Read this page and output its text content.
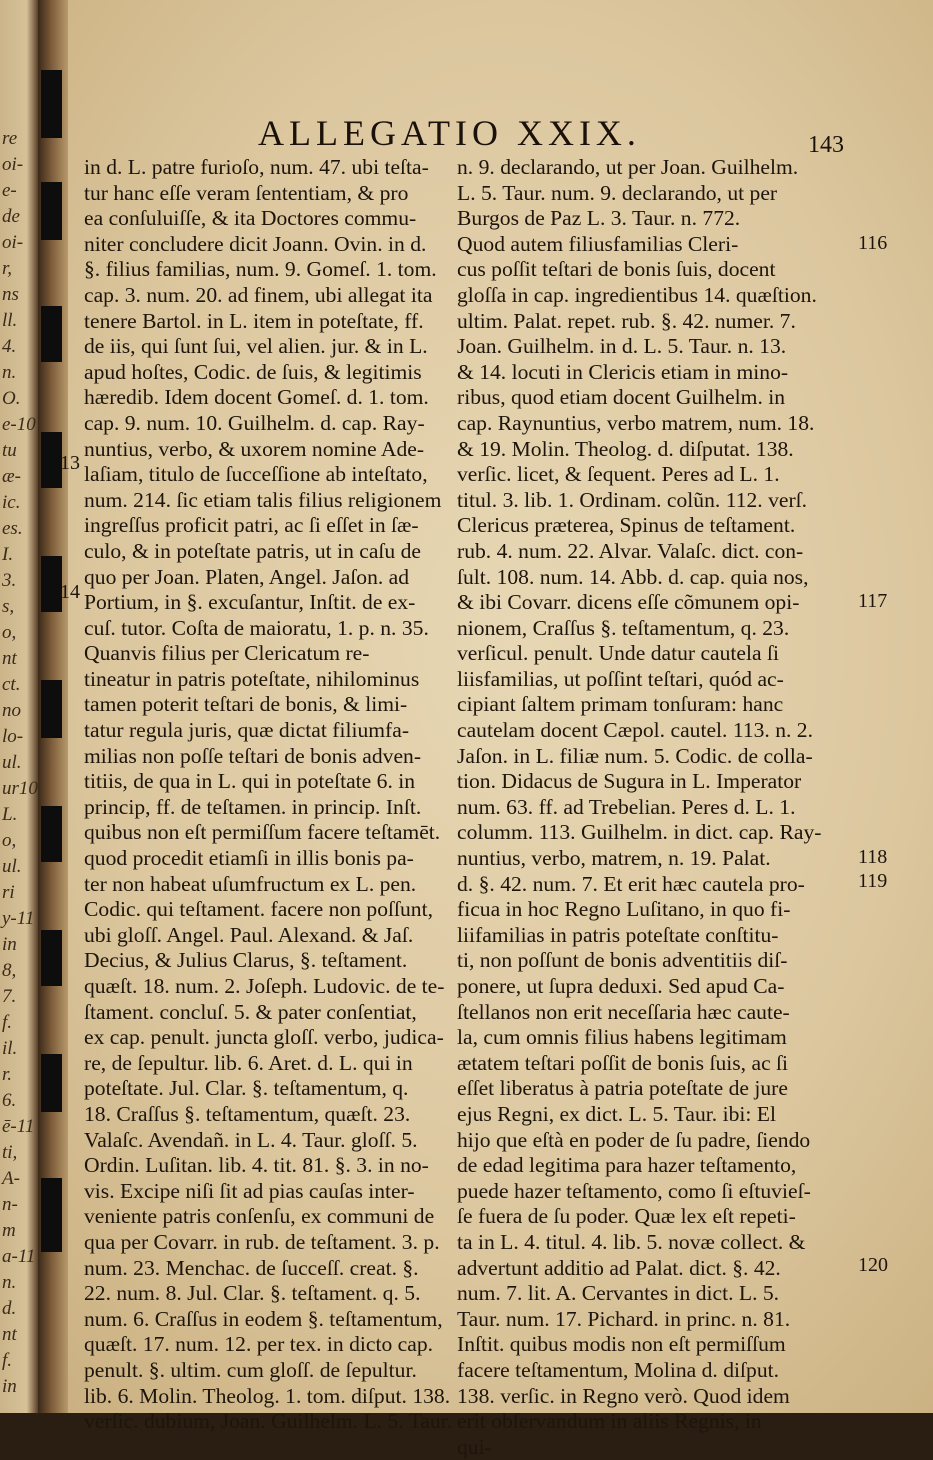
re
oi-
e-
de
oi-
r,
ns
ll.
4.
n.
O.
e-10
tu
æ-
ic.
es.
I.
3.
s,
o,
nt
ct.
no
lo-
ul.
ur10
L.
o,
ul.
ri
y-11
in
8,
7.
f.
il.
r.
6.
ē-11
ti,
A-
n-
m
a-11
n.
d.
nt
f.
in
ALLEGATIO XXIX.	143
in d. L. patre furioſo, num. 47. ubi teſta-
tur hanc eſſe veram ſententiam, & pro
ea conſuluiſſe, & ita Doctores commu-
niter concludere dicit Joann. Ovin. in d.
§. filius familias, num. 9. Gomeſ. 1. tom.
cap. 3. num. 20. ad finem, ubi allegat ita
tenere Bartol. in L. item in poteſtate, ff.
de iis, qui ſunt ſui, vel alien. jur. & in L.
apud hoſtes, Codic. de ſuis, & legitimis
hæredib. Idem docent Gomeſ. d. 1. tom.
cap. 9. num. 10. Guilhelm. d. cap. Ray-
nuntius, verbo, & uxorem nomine Ade-
laſiam, titulo de ſucceſſione ab inteſtato,
num. 214. ſic etiam talis filius religionem
ingreſſus proficit patri, ac ſi eſſet in ſæ-
culo, & in poteſtate patris, ut in caſu de
quo per Joan. Platen, Angel. Jaſon. ad
Portium, in §. excuſantur, Inſtit. de ex-
cuſ. tutor. Coſta de maioratu, 1. p. n. 35.
Quanvis filius per Clericatum re-
tineatur in patris poteſtate, nihilominus
tamen poterit teſtari de bonis, & limi-
tatur regula juris, quæ dictat filiumfa-
milias non poſſe teſtari de bonis adven-
titiis, de qua in L. qui in poteſtate 6. in
princip, ff. de teſtamen. in princip. Inſt.
quibus non eſt permiſſum facere teſtamēt.
quod procedit etiamſi in illis bonis pa-
ter non habeat uſumfructum ex L. pen.
Codic. qui teſtament. facere non poſſunt,
ubi gloſſ. Angel. Paul. Alexand. & Jaſ.
Decius, & Julius Clarus, §. teſtament.
quæſt. 18. num. 2. Joſeph. Ludovic. de te-
ſtament. concluſ. 5. & pater conſentiat,
ex cap. penult. juncta gloſſ. verbo, judica-
re, de ſepultur. lib. 6. Aret. d. L. qui in
poteſtate. Jul. Clar. §. teſtamentum, q.
18. Craſſus §. teſtamentum, quæſt. 23.
Valaſc. Avendañ. in L. 4. Taur. gloſſ. 5.
Ordin. Luſitan. lib. 4. tit. 81. §. 3. in no-
vis. Excipe niſi ſit ad pias cauſas inter-
veniente patris conſenſu, ex communi de
qua per Covarr. in rub. de teſtament. 3. p.
num. 23. Menchac. de ſucceſſ. creat. §.
22. num. 8. Jul. Clar. §. teſtament. q. 5.
num. 6. Craſſus in eodem §. teſtamentum,
quæſt. 17. num. 12. per tex. in dicto cap.
penult. §. ultim. cum gloſſ. de ſepultur.
lib. 6. Molin. Theolog. 1. tom. diſput. 138.
verſic. dubium, Joan. Guilhelm. L. 5. Taur.
n. 9. declarando, ut per Joan. Guilhelm.
L. 5. Taur. num. 9. declarando, ut per
Burgos de Paz L. 3. Taur. n. 772.
Quod autem filiusfamilias Cleri-
cus poſſit teſtari de bonis ſuis, docent
gloſſa in cap. ingredientibus 14. quæſtion.
ultim. Palat. repet. rub. §. 42. numer. 7.
Joan. Guilhelm. in d. L. 5. Taur. n. 13.
& 14. locuti in Clericis etiam in mino-
ribus, quod etiam docent Guilhelm. in
cap. Raynuntius, verbo matrem, num. 18.
& 19. Molin. Theolog. d. diſputat. 138.
verſic. licet, & ſequent. Peres ad L. 1.
titul. 3. lib. 1. Ordinam. colũn. 112. verſ.
Clericus præterea, Spinus de teſtament.
rub. 4. num. 22. Alvar. Valaſc. dict. con-
ſult. 108. num. 14. Abb. d. cap. quia nos,
& ibi Covarr. dicens eſſe cõmunem opi-
nionem, Craſſus §. teſtamentum, q. 23.
verſicul. penult. Unde datur cautela ſi
liisfamilias, ut poſſint teſtari, quód ac-
cipiant ſaltem primam tonſuram: hanc
cautelam docent Cæpol. cautel. 113. n. 2.
Jaſon. in L. filiæ num. 5. Codic. de colla-
tion. Didacus de Sugura in L. Imperator
num. 63. ff. ad Trebelian. Peres d. L. 1.
columm. 113. Guilhelm. in dict. cap. Ray-
nuntius, verbo, matrem, n. 19. Palat.
d. §. 42. num. 7. Et erit hæc cautela pro-
ficua in hoc Regno Luſitano, in quo fi-
liifamilias in patris poteſtate conſtitu-
ti, non poſſunt de bonis adventitiis diſ-
ponere, ut ſupra deduxi. Sed apud Ca-
ſtellanos non erit neceſſaria hæc caute-
la, cum omnis filius habens legitimam
ætatem teſtari poſſit de bonis ſuis, ac ſi
eſſet liberatus à patria poteſtate de jure
ejus Regni, ex dict. L. 5. Taur. ibi: El
hijo que eſtà en poder de ſu padre, ſiendo
de edad legitima para hazer teſtamento,
puede hazer teſtamento, como ſi eſtuvieſ-
ſe fuera de ſu poder. Quæ lex eſt repeti-
ta in L. 4. titul. 4. lib. 5. novæ collect. &
advertunt additio ad Palat. dict. §. 42.
num. 7. lit. A. Cervantes in dict. L. 5.
Taur. num. 17. Pichard. in princ. n. 81.
Inſtit. quibus modis non eſt permiſſum
facere teſtamentum, Molina d. diſput.
138. verſic. in Regno verò. Quod idem
erit obſervandum in aliis Regnis, in
qui-
13
14
116
117
118
119
120
